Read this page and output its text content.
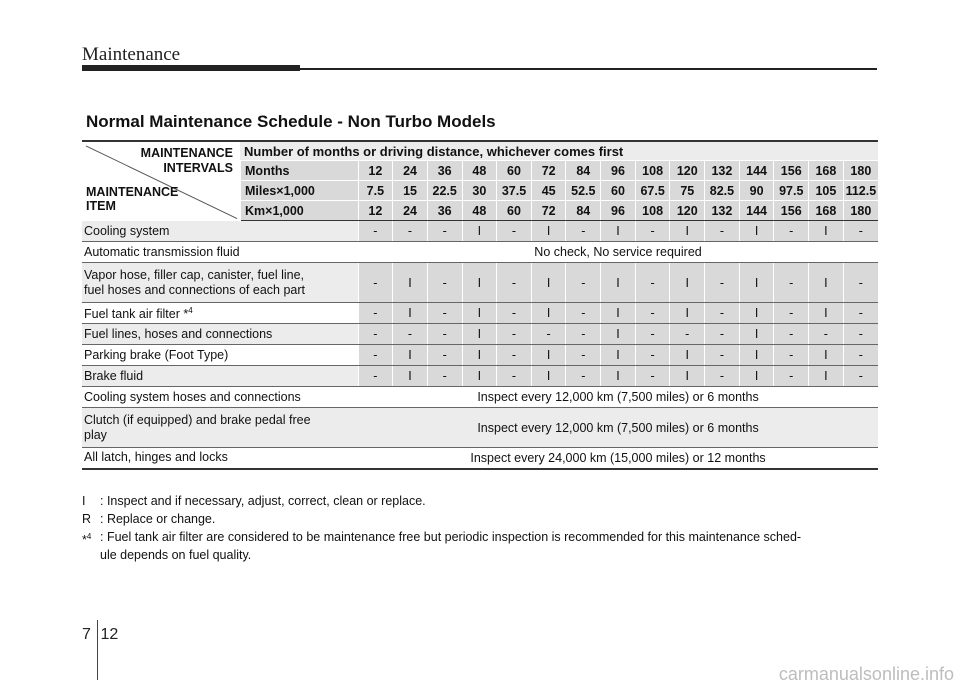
Maintenance
Normal Maintenance Schedule - Non Turbo Models
MAINTENANCE
INTERVALS
MAINTENANCE
ITEM	Number of months or driving distance, whichever comes first															
	Months	12	24	36	48	60	72	84	96	108	120	132	144	156	168	180
	Miles×1,000	7.5	15	22.5	30	37.5	45	52.5	60	67.5	75	82.5	90	97.5	105	112.5
	Km×1,000	12	24	36	48	60	72	84	96	108	120	132	144	156	168	180
Cooling system		-	-	-	I	-	I	-	I	-	I	-	I	-	I	-
Automatic transmission fluid		No check, No service required														
Vapor hose, filler cap, canister, fuel line,
fuel hoses and connections of each part		-	I	-	I	-	I	-	I	-	I	-	I	-	I	-
Fuel tank air filter *$^4$		-	I	-	I	-	I	-	I	-	I	-	I	-	I	-
Fuel lines, hoses and connections		-	-	-	I	-	-	-	I	-	-	-	I	-	-	-
Parking brake (Foot Type)		-	I	-	I	-	I	-	I	-	I	-	I	-	I	-
Brake fluid		-	I	-	I	-	I	-	I	-	I	-	I	-	I	-
Cooling system hoses and connections		Inspect every 12,000 km (7,500 miles) or 6 months														
Clutch (if equipped) and brake pedal free
play		Inspect every 12,000 km (7,500 miles) or 6 months														
All latch, hinges and locks		Inspect every 24,000 km (15,000 miles) or 12 months														
I	: Inspect and if necessary, adjust, correct, clean or replace.
R : Replace or change.
*$^4$ : Fuel tank air filter are considered to be maintenance free but periodic inspection is recommended for this maintenance sched-
ule depends on fuel quality.
7 12
carmanualsonline.info
